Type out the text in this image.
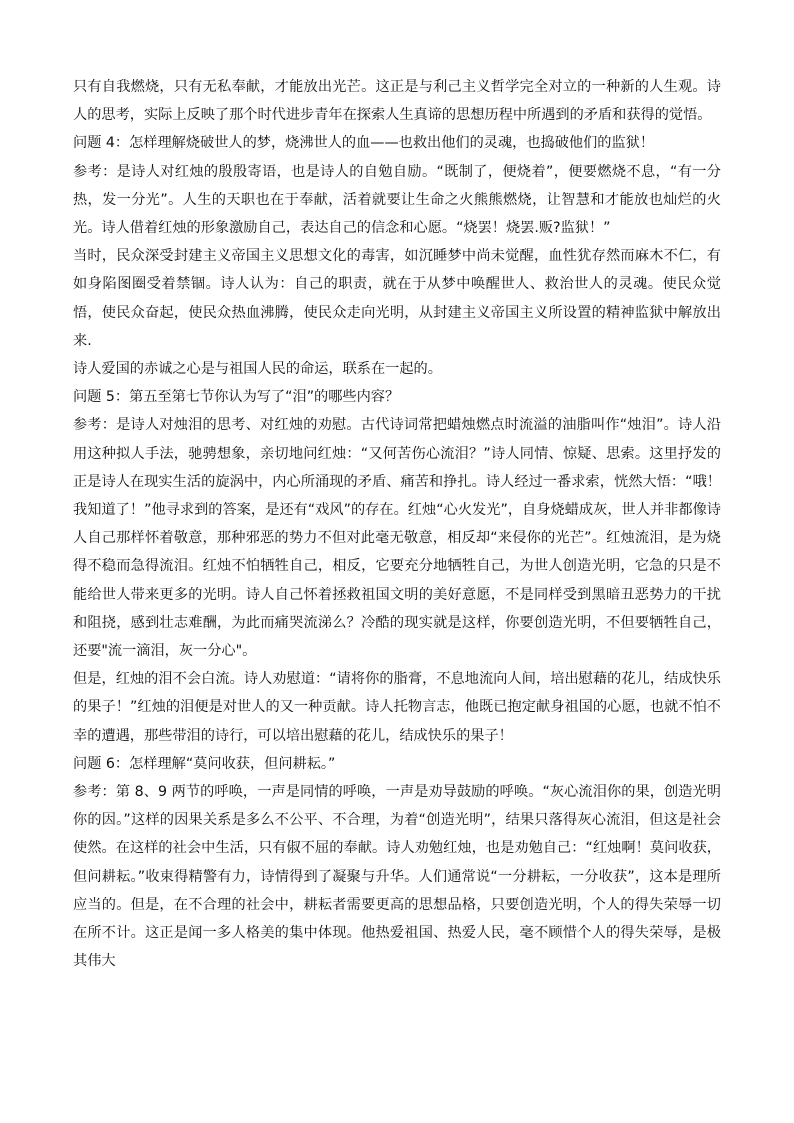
只有自我燃烧，只有无私奉献，才能放出光芒。这正是与利己主义哲学完全对立的一种新的人生观。诗人的思考，实际上反映了那个时代进步青年在探索人生真谛的思想历程中所遇到的矛盾和获得的觉悟。

问题 4：怎样理解烧破世人的梦，烧沸世人的血——也救出他们的灵魂，也捣破他们的监狱！

参考：是诗人对红烛的殷殷寄语，也是诗人的自勉自励。“既制了，便烧着”，便要燃烧不息，“有一分热，发一分光”。人生的天职也在于奉献，活着就要让生命之火熊熊燃烧，让智慧和才能放也灿烂的火光。诗人借着红烛的形象激励自己，表达自己的信念和心愿。“烧罢！烧罢.贩?监狱！”

当时，民众深受封建主义帝国主义思想文化的毒害，如沉睡梦中尚未觉醒，血性犹存然而麻木不仁，有如身陷图圈受着禁锢。诗人认为：自己的职责，就在于从梦中唤醒世人、救治世人的灵魂。使民众觉悟，使民众奋起，使民众热血沸腾，使民众走向光明，从封建主义帝国主义所设置的精神监狱中解放出来.

诗人爱国的赤诚之心是与祖国人民的命运，联系在一起的。

问题 5：第五至第七节你认为写了“泪”的哪些内容？

参考：是诗人对烛泪的思考、对红烛的劝慰。古代诗词常把蜡烛燃点时流溢的油脂叫作“烛泪”。诗人沿用这种拟人手法，驰骋想象，亲切地问红烛：“又何苦伤心流泪？”诗人同情、惊疑、思索。这里抒发的正是诗人在现实生活的旋涡中，内心所涌现的矛盾、痛苦和挣扎。诗人经过一番求索，恍然大悟：“哦！我知道了！”他寻求到的答案，是还有“戏风”的存在。红烛“心火发光”，自身烧蜡成灰，世人并非都像诗人自己那样怀着敬意，那种邪恶的势力不但对此毫无敬意，相反却“来侵你的光芒”。红烛流泪，是为烧得不稳而急得流泪。红烛不怕牺牲自己，相反，它要充分地牺牲自己，为世人创造光明，它急的只是不能给世人带来更多的光明。诗人自己怀着拯救祖国文明的美好意愿，不是同样受到黑暗丑恶势力的干扰和阻挠，感到壮志难酬，为此而痛哭流涕么？冷酷的现实就是这样，你要创造光明，不但要牺牲自己，还要"流一滴泪，灰一分心"。

但是，红烛的泪不会白流。诗人劝慰道：“请将你的脂膏，不息地流向人间，培出慰藉的花儿，结成快乐的果子！”红烛的泪便是对世人的又一种贡献。诗人托物言志，他既已抱定献身祖国的心愿，也就不怕不幸的遭遇，那些带泪的诗行，可以培出慰藉的花儿，结成快乐的果子！

问题 6：怎样理解“莫问收获，但问耕耘。”

参考：第 8、9 两节的呼唤，一声是同情的呼唤，一声是劝导鼓励的呼唤。“灰心流泪你的果，创造光明你的因。”这样的因果关系是多么不公平、不合理，为着“创造光明”，结果只落得灰心流泪，但这是社会使然。在这样的社会中生活，只有俶不屈的奉献。诗人劝勉红烛，也是劝勉自己：“红烛啊！莫问收获，但问耕耘。”收束得精警有力，诗情得到了凝聚与升华。人们通常说“一分耕耘，一分收获”，这本是理所应当的。但是，在不合理的社会中，耕耘者需要更高的思想品格，只要创造光明，个人的得失荣辱一切在所不计。这正是闻一多人格美的集中体现。他热爱祖国、热爱人民，毫不顾惜个人的得失荣辱，是极其伟大
